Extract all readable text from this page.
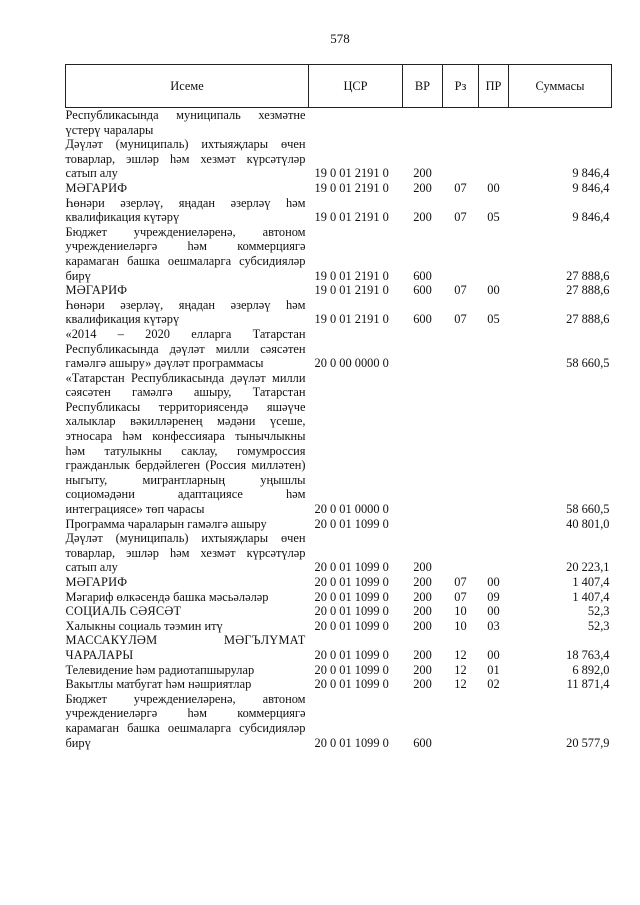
578
Исеме	ЦСР	ВР	Рз	ПР	Суммасы
Республикасында муниципаль хезмәтне үстерү чаралары					
Дәүләт (муниципаль) ихтыяҗлары өчен товарлар, эшләр һәм хезмәт күрсәтүләр сатып алу	19 0 01 2191 0	200			9 846,4
МӘГАРИФ	19 0 01 2191 0	200	07	00	9 846,4
Һөнәри әзерләү, яңадан әзерләү һәм квалификация күтәрү	19 0 01 2191 0	200	07	05	9 846,4
Бюджет учреждениеләренә, автоном учреждениеләргә һәм коммерциягә карамаган башка оешмаларга субсидияләр бирү	19 0 01 2191 0	600			27 888,6
МӘГАРИФ	19 0 01 2191 0	600	07	00	27 888,6
Һөнәри әзерләү, яңадан әзерләү һәм квалификация күтәрү	19 0 01 2191 0	600	07	05	27 888,6
«2014 – 2020 елларга Татарстан Республикасында дәүләт милли сәясәтен гамәлгә ашыру» дәүләт программасы	20 0 00 0000 0				58 660,5
«Татарстан Республикасында дәүләт милли сәясәтен гамәлгә ашыру, Татарстан Республикасы территориясендә яшәүче халыклар вәкилләренең мәдәни үсеше, этносара һәм конфессияара тынычлыкны һәм татулыкны саклау, гомумроссия гражданлык бердәйлеген (Россия милләтен) ныгыту, мигрантларның уңышлы социомәдәни адаптациясе һәм интеграциясе» төп чарасы	20 0 01 0000 0				58 660,5
Программа чараларын гамәлгә ашыру	20 0 01 1099 0				40 801,0
Дәүләт (муниципаль) ихтыяҗлары өчен товарлар, эшләр һәм хезмәт күрсәтүләр сатып алу	20 0 01 1099 0	200			20 223,1
МӘГАРИФ	20 0 01 1099 0	200	07	00	1 407,4
Мәгариф өлкәсендә башка мәсьәләләр	20 0 01 1099 0	200	07	09	1 407,4
СОЦИАЛЬ СӘЯСӘТ	20 0 01 1099 0	200	10	00	52,3
Халыкны социаль тәэмин итү	20 0 01 1099 0	200	10	03	52,3
МАССАКҮЛӘМ МӘГЪЛҮМАТ ЧАРАЛАРЫ	20 0 01 1099 0	200	12	00	18 763,4
Телевидение һәм радиотапшырулар	20 0 01 1099 0	200	12	01	6 892,0
Вакытлы матбугат һәм нәшриятлар	20 0 01 1099 0	200	12	02	11 871,4
Бюджет учреждениеләренә, автоном учреждениеләргә һәм коммерциягә карамаган башка оешмаларга субсидияләр бирү	20 0 01 1099 0	600			20 577,9
